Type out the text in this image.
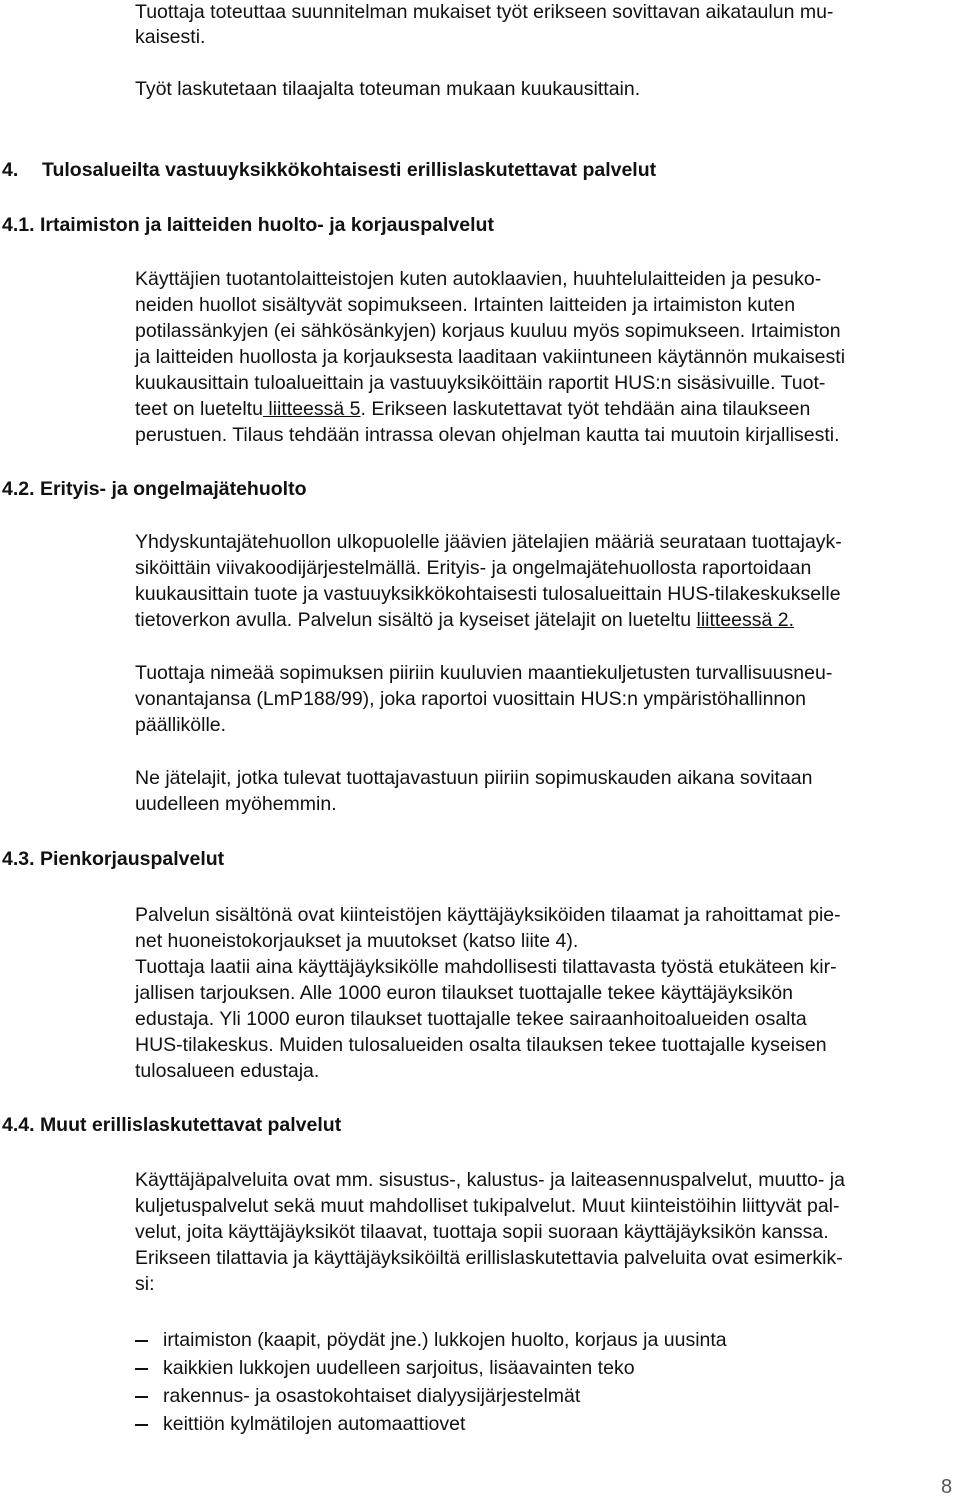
Tuottaja toteuttaa suunnitelman mukaiset työt erikseen sovittavan aikataulun mu-
kaisesti.
Työt laskutetaan tilaajalta toteuman mukaan kuukausittain.
4. Tulosalueilta vastuuyksikkökohtaisesti erillislaskutettavat palvelut
4.1. Irtaimiston ja laitteiden huolto- ja korjauspalvelut
Käyttäjien tuotantolaitteistojen kuten autoklaavien, huuhtelulaitteiden ja pesuko-
neiden huollot sisältyvät sopimukseen. Irtainten laitteiden ja irtaimiston kuten
potilassänkyjen (ei sähkösänkyjen) korjaus kuuluu myös sopimukseen. Irtaimiston
ja laitteiden huollosta ja korjauksesta laaditaan vakiintuneen käytännön mukaisesti
kuukausittain tuloalueittain ja vastuuyksiköittäin raportit HUS:n sisäsivuille. Tuot-
teet on lueteltu liitteessä 5. Erikseen laskutettavat työt tehdään aina tilaukseen
perustuen. Tilaus tehdään intrassa olevan ohjelman kautta tai muutoin kirjallisesti.
4.2. Erityis- ja ongelmajätehuolto
Yhdyskuntajätehuollon ulkopuolelle jäävien jätelajien määriä seurataan tuottajayk-
siköittäin viivakoodijärjestelmällä. Erityis- ja ongelmajätehuollosta raportoidaan
kuukausittain tuote ja vastuuyksikkökohtaisesti tulosalueittain HUS-tilakeskukselle
tietoverkon avulla. Palvelun sisältö ja kyseiset jätelajit on lueteltu liitteessä 2.
Tuottaja nimeää sopimuksen piiriin kuuluvien maantiekuljetusten turvallisuusneu-
vonantajansa (LmP188/99), joka raportoi vuosittain HUS:n ympäristöhallinnon
päällikölle.
Ne jätelajit, jotka tulevat tuottajavastuun piiriin sopimuskauden aikana sovitaan
uudelleen myöhemmin.
4.3. Pienkorjauspalvelut
Palvelun sisältönä ovat kiinteistöjen käyttäjäyksiköiden tilaamat ja rahoittamat pie-
net huoneistokorjaukset ja muutokset (katso liite 4).
Tuottaja laatii aina käyttäjäyksikölle mahdollisesti tilattavasta työstä etukäteen kir-
jallisen tarjouksen. Alle 1000 euron tilaukset tuottajalle tekee käyttäjäyksikön
edustaja. Yli 1000 euron tilaukset tuottajalle tekee sairaanhoitoalueiden osalta
HUS-tilakeskus. Muiden tulosalueiden osalta tilauksen tekee tuottajalle kyseisen
tulosalueen edustaja.
4.4. Muut erillislaskutettavat palvelut
Käyttäjäpalveluita ovat mm. sisustus-, kalustus- ja laiteasennuspalvelut, muutto- ja
kuljetuspalvelut sekä muut mahdolliset tukipalvelut. Muut kiinteistöihin liittyvät pal-
velut, joita käyttäjäyksiköt tilaavat, tuottaja sopii suoraan käyttäjäyksikön kanssa.
Erikseen tilattavia ja käyttäjäyksiköiltä erillislaskutettavia palveluita ovat esimerkik-
si:
irtaimiston (kaapit, pöydät jne.) lukkojen huolto, korjaus ja uusinta
kaikkien lukkojen uudelleen sarjoitus, lisäavainten teko
rakennus- ja osastokohtaiset dialyysijärjestelmät
keittiön kylmätilojen automaattiovet
8
